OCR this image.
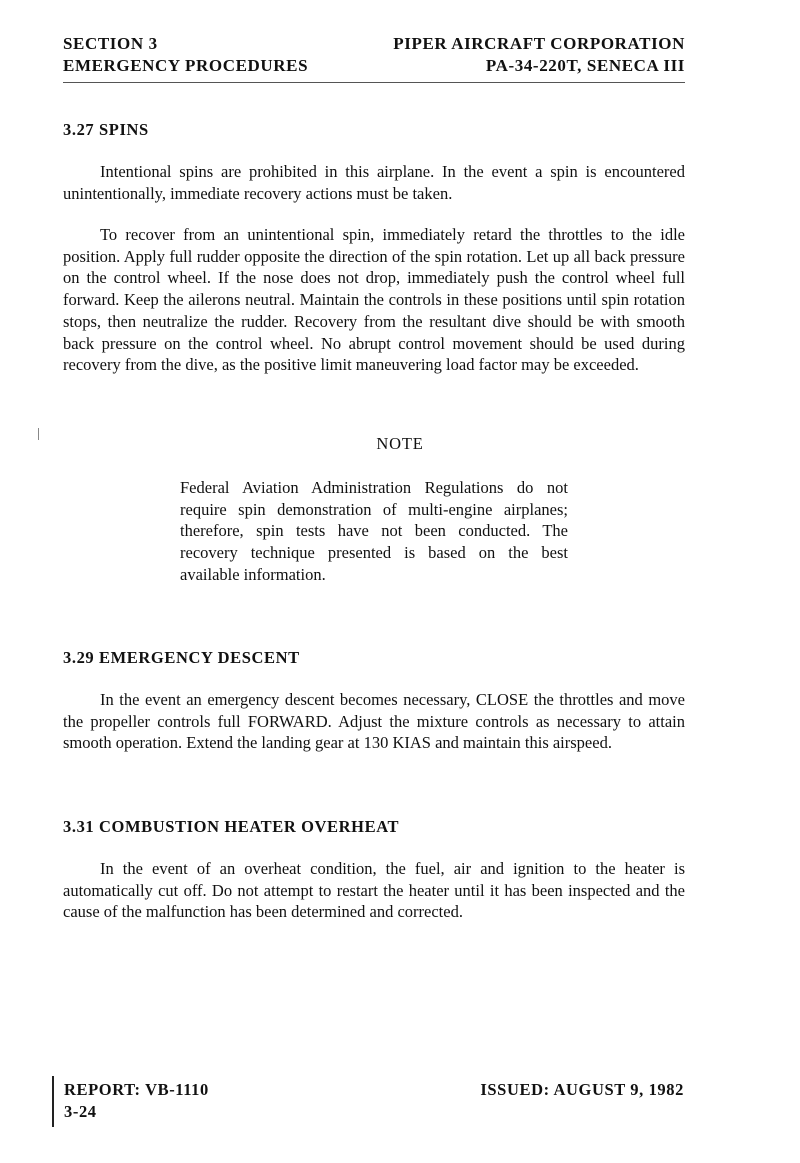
SECTION 3	PIPER AIRCRAFT CORPORATION
EMERGENCY PROCEDURES	PA-34-220T, SENECA III
3.27 SPINS

Intentional spins are prohibited in this airplane. In the event a spin is encountered unintentionally, immediate recovery actions must be taken.

To recover from an unintentional spin, immediately retard the throttles to the idle position. Apply full rudder opposite the direction of the spin rotation. Let up all back pressure on the control wheel. If the nose does not drop, immediately push the control wheel full forward. Keep the ailerons neutral. Maintain the controls in these positions until spin rotation stops, then neutralize the rudder. Recovery from the resultant dive should be with smooth back pressure on the control wheel. No abrupt control movement should be used during recovery from the dive, as the positive limit maneuvering load factor may be exceeded.

NOTE

Federal Aviation Administration Regulations do not require spin demonstration of multi-engine airplanes; therefore, spin tests have not been conducted. The recovery technique presented is based on the best available information.

3.29 EMERGENCY DESCENT

In the event an emergency descent becomes necessary, CLOSE the throttles and move the propeller controls full FORWARD. Adjust the mixture controls as necessary to attain smooth operation. Extend the landing gear at 130 KIAS and maintain this airspeed.

3.31 COMBUSTION HEATER OVERHEAT

In the event of an overheat condition, the fuel, air and ignition to the heater is automatically cut off. Do not attempt to restart the heater until it has been inspected and the cause of the malfunction has been determined and corrected.

REPORT: VB-1110
3-24
ISSUED: AUGUST 9, 1982
